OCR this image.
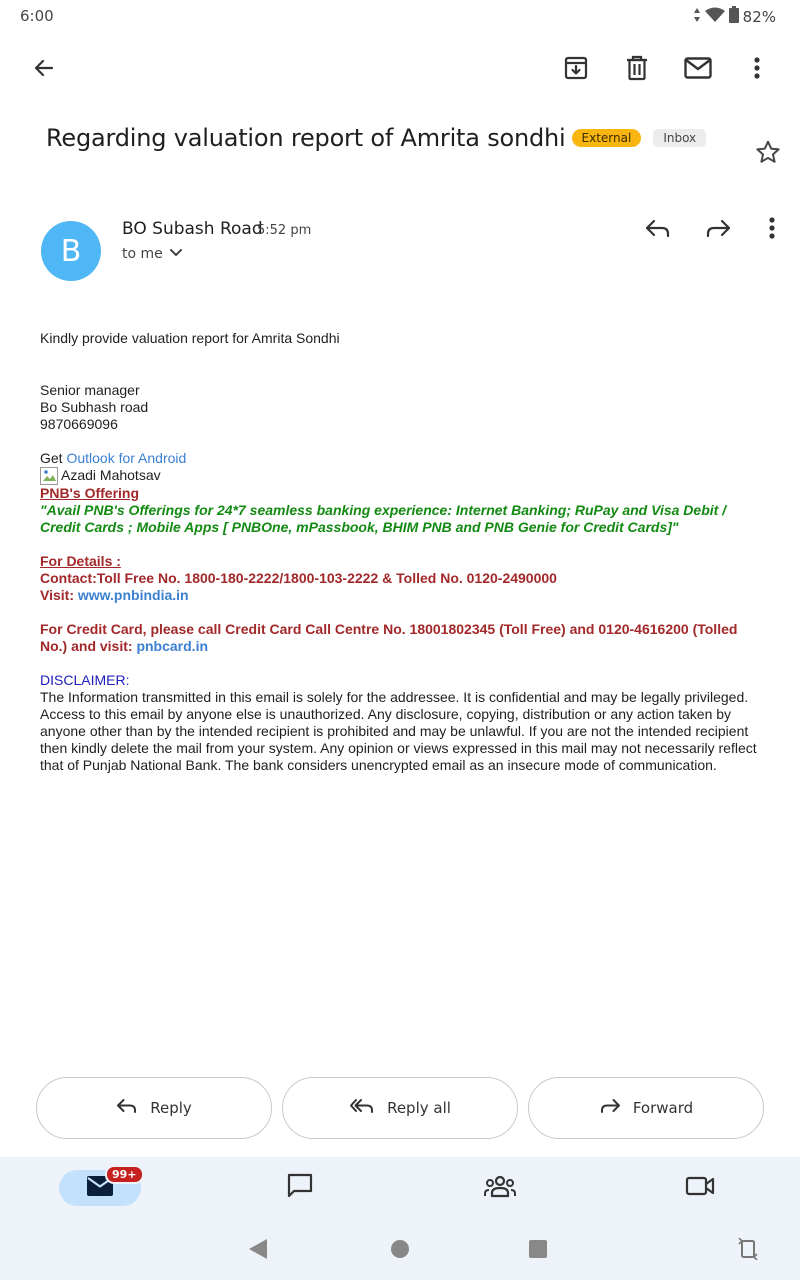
6:00	82%
Regarding valuation report of Amrita sondhi	External	Inbox
B
BO Subash Road
5:52 pm
to me

Kindly provide valuation report for Amrita Sondhi

Senior manager

Bo Subhash road

9870669096

Get Outlook for Android

Azadi Mahotsav

PNB's Offering

"Avail PNB's Offerings for 24*7 seamless banking experience: Internet Banking; RuPay and Visa Debit / Credit Cards ; Mobile Apps [ PNBOne, mPassbook, BHIM PNB and PNB Genie for Credit Cards]"

For Details :

Contact:Toll Free No. 1800-180-2222/1800-103-2222 & Tolled No. 0120-2490000

Visit: www.pnbindia.in

For Credit Card, please call Credit Card Call Centre No. 18001802345 (Toll Free) and 0120-4616200 (Tolled No.) and visit: pnbcard.in

DISCLAIMER:

The Information transmitted in this email is solely for the addressee. It is confidential and may be legally privileged. Access to this email by anyone else is unauthorized. Any disclosure, copying, distribution or any action taken by anyone other than by the intended recipient is prohibited and may be unlawful. If you are not the intended recipient then kindly delete the mail from your system. Any opinion or views expressed in this mail may not necessarily reflect that of Punjab National Bank. The bank considers unencrypted email as an insecure mode of communication.

Reply	Reply all	Forward
99+
